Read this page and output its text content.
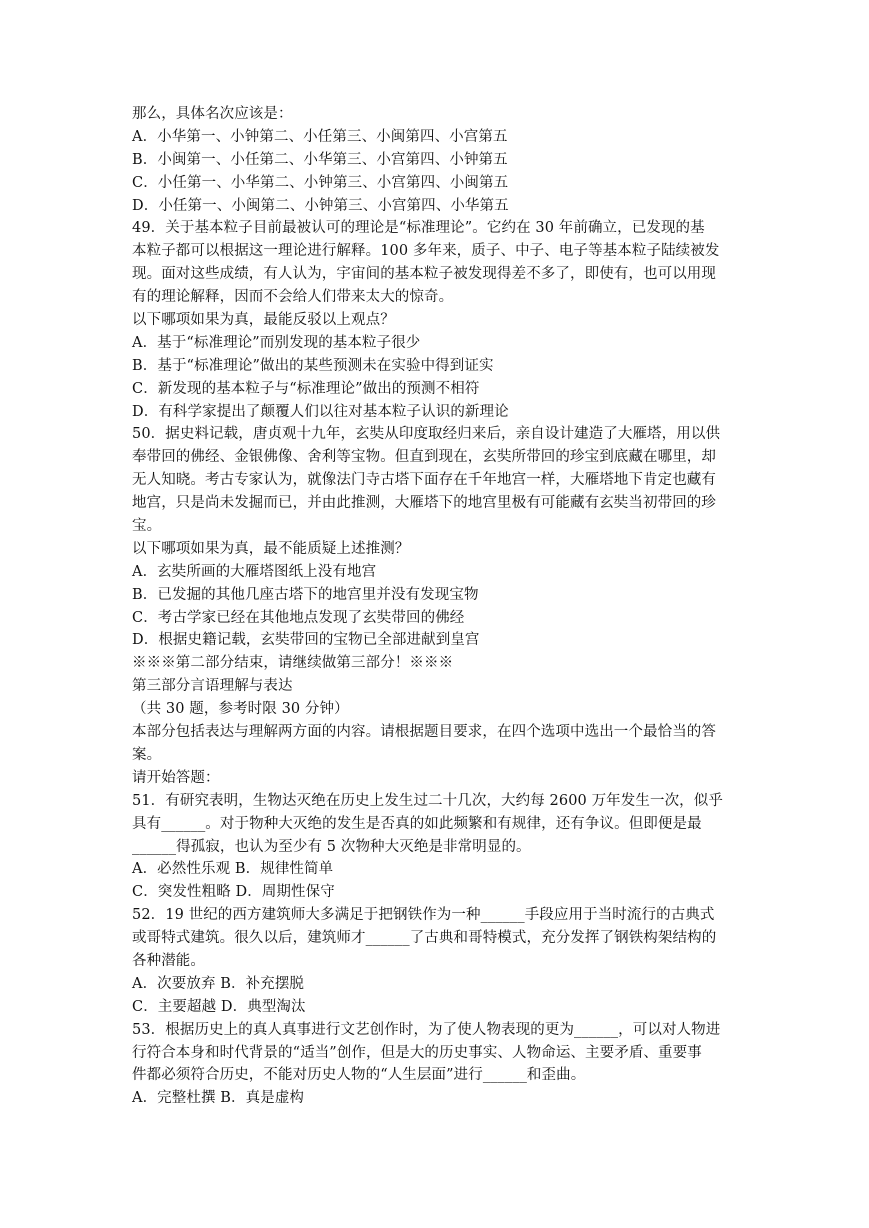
那么，具体名次应该是：
A．小华第一、小钟第二、小任第三、小闽第四、小宫第五
B．小闽第一、小任第二、小华第三、小宫第四、小钟第五
C．小任第一、小华第二、小钟第三、小宫第四、小闽第五
D．小任第一、小闽第二、小钟第三、小宫第四、小华第五
49．关于基本粒子目前最被认可的理论是“标准理论”。它约在 30 年前确立，已发现的基
本粒子都可以根据这一理论进行解释。100 多年来，质子、中子、电子等基本粒子陆续被发
现。面对这些成绩，有人认为，宇宙间的基本粒子被发现得差不多了，即使有，也可以用现
有的理论解释，因而不会给人们带来太大的惊奇。
以下哪项如果为真，最能反驳以上观点？
A．基于“标准理论”而别发现的基本粒子很少
B．基于“标准理论”做出的某些预测未在实验中得到证实
C．新发现的基本粒子与“标准理论”做出的预测不相符
D．有科学家提出了颠覆人们以往对基本粒子认识的新理论
50．据史料记载，唐贞观十九年，玄奘从印度取经归来后，亲自设计建造了大雁塔，用以供
奉带回的佛经、金银佛像、舍利等宝物。但直到现在，玄奘所带回的珍宝到底藏在哪里，却
无人知晓。考古专家认为，就像法门寺古塔下面存在千年地宫一样，大雁塔地下肯定也藏有
地宫，只是尚未发掘而已，并由此推测，大雁塔下的地宫里极有可能藏有玄奘当初带回的珍
宝。
以下哪项如果为真，最不能质疑上述推测？
A．玄奘所画的大雁塔图纸上没有地宫
B．已发掘的其他几座古塔下的地宫里并没有发现宝物
C．考古学家已经在其他地点发现了玄奘带回的佛经
D．根据史籍记载，玄奘带回的宝物已全部进献到皇宫
※※※第二部分结束，请继续做第三部分！※※※
第三部分言语理解与表达
（共 30 题，参考时限 30 分钟）
本部分包括表达与理解两方面的内容。请根据题目要求，在四个选项中选出一个最恰当的答
案。
请开始答题：
51．有研究表明，生物达灭绝在历史上发生过二十几次，大约每 2600 万年发生一次，似乎
具有______。对于物种大灭绝的发生是否真的如此频繁和有规律，还有争议。但即便是最
______得孤寂，也认为至少有 5 次物种大灭绝是非常明显的。
A．必然性乐观 B．规律性简单
C．突发性粗略 D．周期性保守
52．19 世纪的西方建筑师大多满足于把钢铁作为一种______手段应用于当时流行的古典式
或哥特式建筑。很久以后，建筑师才______了古典和哥特模式，充分发挥了钢铁构架结构的
各种潜能。
A．次要放弃 B．补充摆脱
C．主要超越 D．典型淘汰
53．根据历史上的真人真事进行文艺创作时，为了使人物表现的更为______，可以对人物进
行符合本身和时代背景的“适当”创作，但是大的历史事实、人物命运、主要矛盾、重要事
件都必须符合历史，不能对历史人物的“人生层面”进行______和歪曲。
A．完整杜撰 B．真是虚构
